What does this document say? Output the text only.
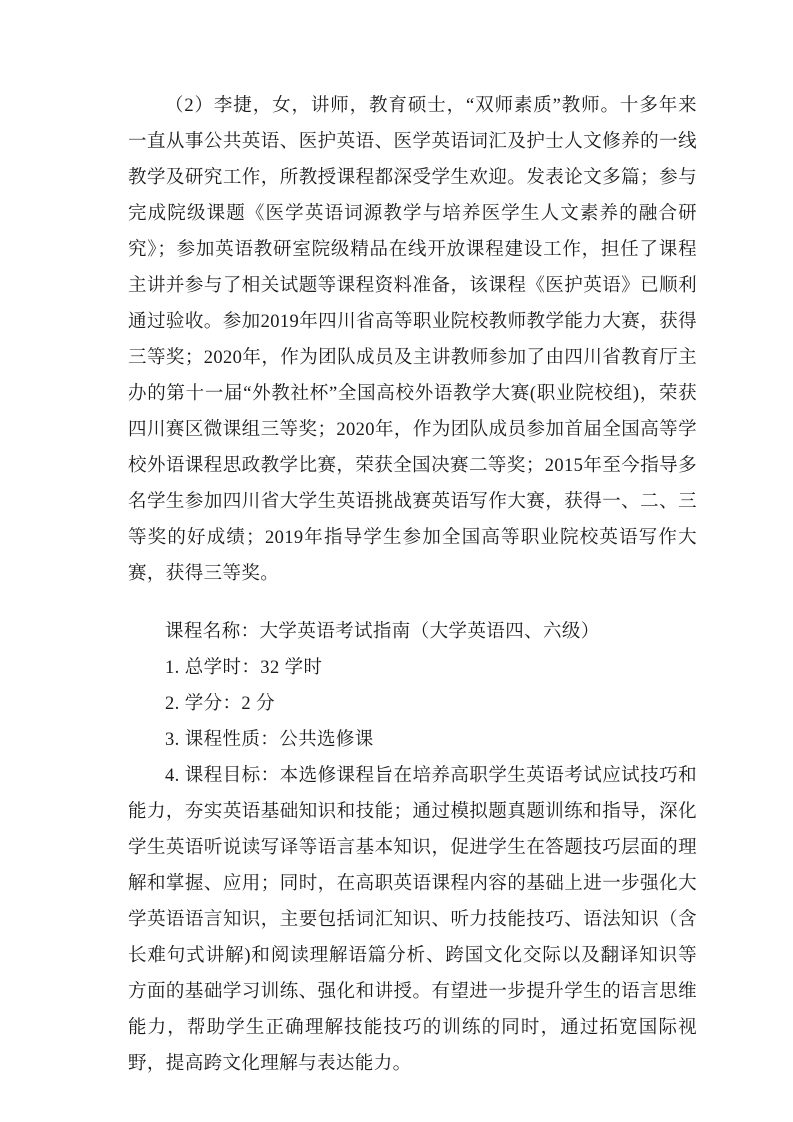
（2）李捷，女，讲师，教育硕士，“双师素质”教师。十多年来一直从事公共英语、医护英语、医学英语词汇及护士人文修养的一线教学及研究工作，所教授课程都深受学生欢迎。发表论文多篇；参与完成院级课题《医学英语词源教学与培养医学生人文素养的融合研究》；参加英语教研室院级精品在线开放课程建设工作，担任了课程主讲并参与了相关试题等课程资料准备，该课程《医护英语》已顺利通过验收。参加2019年四川省高等职业院校教师教学能力大赛，获得三等奖；2020年，作为团队成员及主讲教师参加了由四川省教育厅主办的第十一届“外教社杯”全国高校外语教学大赛(职业院校组)，荣获四川赛区微课组三等奖；2020年，作为团队成员参加首届全国高等学校外语课程思政教学比赛，荣获全国决赛二等奖；2015年至今指导多名学生参加四川省大学生英语挑战赛英语写作大赛，获得一、二、三等奖的好成绩；2019年指导学生参加全国高等职业院校英语写作大赛，获得三等奖。

课程名称：大学英语考试指南（大学英语四、六级）

1. 总学时：32 学时

2. 学分：2 分

3. 课程性质：公共选修课

4. 课程目标：本选修课程旨在培养高职学生英语考试应试技巧和能力，夯实英语基础知识和技能；通过模拟题真题训练和指导，深化学生英语听说读写译等语言基本知识，促进学生在答题技巧层面的理解和掌握、应用；同时，在高职英语课程内容的基础上进一步强化大学英语语言知识，主要包括词汇知识、听力技能技巧、语法知识（含长难句式讲解)和阅读理解语篇分析、跨国文化交际以及翻译知识等方面的基础学习训练、强化和讲授。有望进一步提升学生的语言思维能力，帮助学生正确理解技能技巧的训练的同时，通过拓宽国际视野，提高跨文化理解与表达能力。
